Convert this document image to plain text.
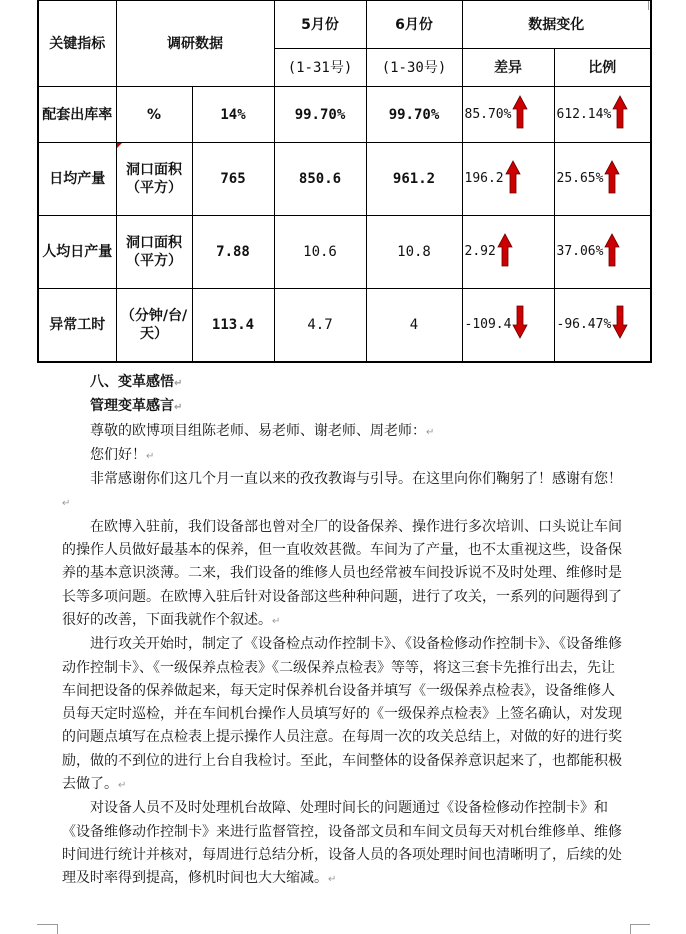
关键指标	调研数据		5月份	6月份	数据变化	
			(1-31号)	(1-30号)	差异	比例
配套出库率	%	14%	99.70%	99.70%	85.70%	612.14%

日均产量	洞口面积（平方）	765	850.6	961.2	196.2	25.65%

人均日产量	洞口面积（平方）	7.88	10.6	10.8	2.92	37.06%

异常工时	（分钟/台/天）	113.4	4.7	4	-109.4	-96.47%

八、变革感悟↵

管理变革感言↵

尊敬的欧博项目组陈老师、易老师、谢老师、周老师：↵

您们好！↵

非常感谢你们这几个月一直以来的孜孜教诲与引导。在这里向你们鞠躬了！感谢有您！↵

在欧博入驻前，我们设备部也曾对全厂的设备保养、操作进行多次培训、口头说让车间的操作人员做好最基本的保养，但一直收效甚微。车间为了产量，也不太重视这些，设备保养的基本意识淡薄。二来，我们设备的维修人员也经常被车间投诉说不及时处理、维修时是长等多项问题。在欧博入驻后针对设备部这些种种问题，进行了攻关，一系列的问题得到了很好的改善，下面我就作个叙述。↵

进行攻关开始时，制定了《设备检点动作控制卡》、《设备检修动作控制卡》、《设备维修动作控制卡》、《一级保养点检表》《二级保养点检表》等等，将这三套卡先推行出去，先让车间把设备的保养做起来，每天定时保养机台设备并填写《一级保养点检表》，设备维修人员每天定时巡检，并在车间机台操作人员填写好的《一级保养点检表》上签名确认，对发现的问题点填写在点检表上提示操作人员注意。在每周一次的攻关总结上，对做的好的进行奖励，做的不到位的进行上台自我检讨。至此，车间整体的设备保养意识起来了，也都能积极去做了。↵

对设备人员不及时处理机台故障、处理时间长的问题通过《设备检修动作控制卡》和《设备维修动作控制卡》来进行监督管控，设备部文员和车间文员每天对机台维修单、维修时间进行统计并核对，每周进行总结分析，设备人员的各项处理时间也清晰明了，后续的处理及时率得到提高，修机时间也大大缩减。↵
